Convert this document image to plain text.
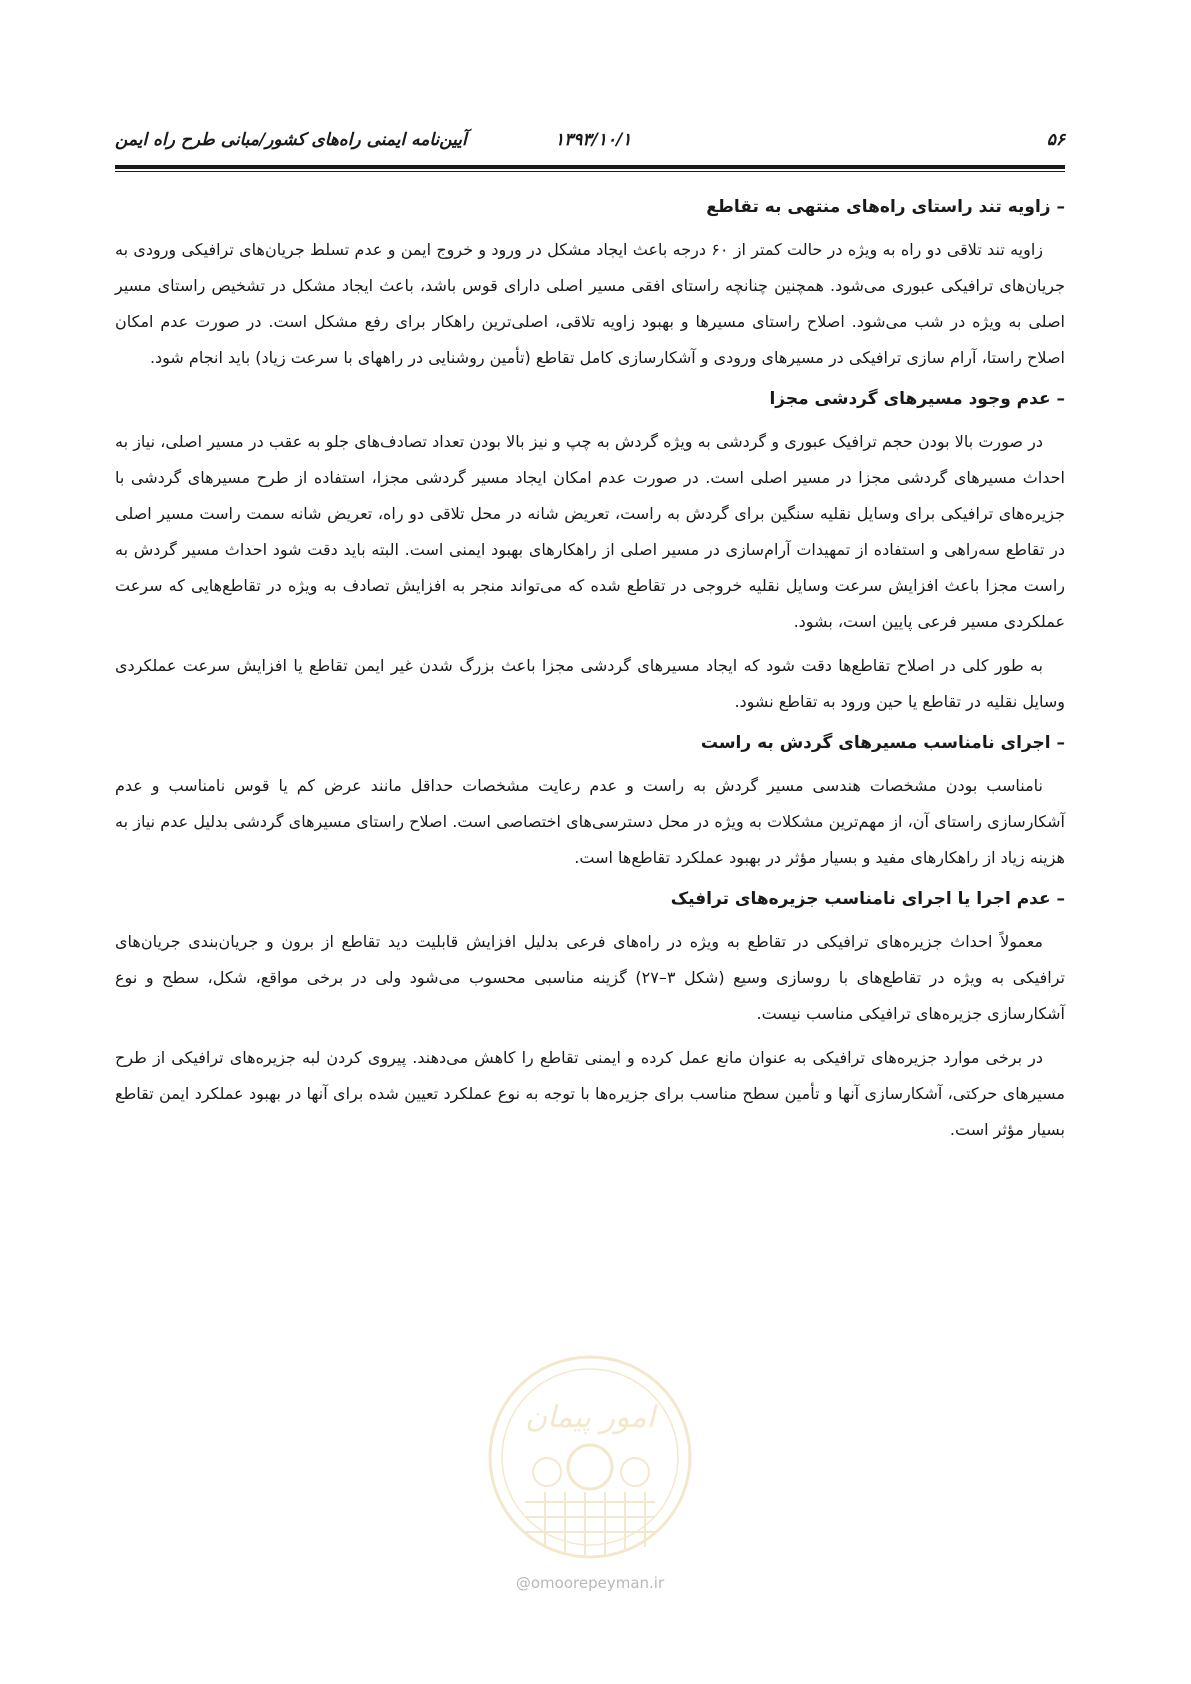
۵۶
۱۳۹۳/۱۰/۱
آیین‌نامه ایمنی راه‌های کشور/مبانی طرح راه ایمن
– زاویه تند راستای راه‌های منتهی به تقاطع

زاویه تند تلاقی دو راه به ویژه در حالت کمتر از ۶۰ درجه باعث ایجاد مشکل در ورود و خروج ایمن و عدم تسلط جریان‌های ترافیکی ورودی به جریان‌های ترافیکی عبوری می‌شود. همچنین چنانچه راستای افقی مسیر اصلی دارای قوس باشد، باعث ایجاد مشکل در تشخیص راستای مسیر اصلی به ویژه در شب می‌شود. اصلاح راستای مسیرها و بهبود زاویه تلاقی، اصلی‌ترین راهکار برای رفع مشکل است. در صورت عدم امکان اصلاح راستا، آرام سازی ترافیکی در مسیرهای ورودی و آشکارسازی کامل تقاطع (تأمین روشنایی در راههای با سرعت زیاد) باید انجام شود.

– عدم وجود مسیرهای گردشی مجزا

در صورت بالا بودن حجم ترافیک عبوری و گردشی به ویژه گردش به چپ و نیز بالا بودن تعداد تصادف‌های جلو به عقب در مسیر اصلی، نیاز به احداث مسیرهای گردشی مجزا در مسیر اصلی است. در صورت عدم امکان ایجاد مسیر گردشی مجزا، استفاده از طرح مسیرهای گردشی با جزیره‌های ترافیکی برای وسایل نقلیه سنگین برای گردش به راست، تعریض شانه در محل تلاقی دو راه، تعریض شانه سمت راست مسیر اصلی در تقاطع سه‌راهی و استفاده از تمهیدات آرام‌سازی در مسیر اصلی از راهکارهای بهبود ایمنی است. البته باید دقت شود احداث مسیر گردش به راست مجزا باعث افزایش سرعت وسایل نقلیه خروجی در تقاطع شده که می‌تواند منجر به افزایش تصادف به ویژه در تقاطع‌هایی که سرعت عملکردی مسیر فرعی پایین است، بشود.

به طور کلی در اصلاح تقاطع‌ها دقت شود که ایجاد مسیرهای گردشی مجزا باعث بزرگ شدن غیر ایمن تقاطع یا افزایش سرعت عملکردی وسایل نقلیه در تقاطع یا حین ورود به تقاطع نشود.

– اجرای نامناسب مسیرهای گردش به راست

نامناسب بودن مشخصات هندسی مسیر گردش به راست و عدم رعایت مشخصات حداقل مانند عرض کم یا قوس نامناسب و عدم آشکارسازی راستای آن، از مهم‌ترین مشکلات به ویژه در محل دسترسی‌های اختصاصی است. اصلاح راستای مسیرهای گردشی بدلیل عدم نیاز به هزینه زیاد از راهکارهای مفید و بسیار مؤثر در بهبود عملکرد تقاطع‌ها است.

– عدم اجرا یا اجرای نامناسب جزیره‌های ترافیک

معمولاً احداث جزیره‌های ترافیکی در تقاطع به ویژه در راه‌های فرعی بدلیل افزایش قابلیت دید تقاطع از برون و جریان‌بندی جریان‌های ترافیکی به ویژه در تقاطع‌های با روسازی وسیع (شکل ۳–۲۷) گزینه مناسبی محسوب می‌شود ولی در برخی مواقع، شکل، سطح و نوع آشکارسازی جزیره‌های ترافیکی مناسب نیست.

در برخی موارد جزیره‌های ترافیکی به عنوان مانع عمل کرده و ایمنی تقاطع را کاهش می‌دهند. پیروی کردن لبه جزیره‌های ترافیکی از طرح مسیرهای حرکتی، آشکارسازی آنها و تأمین سطح مناسب برای جزیره‌ها با توجه به نوع عملکرد تعیین شده برای آنها در بهبود عملکرد ایمن تقاطع بسیار مؤثر است.

امور پیمان
@omoorepeyman.ir
